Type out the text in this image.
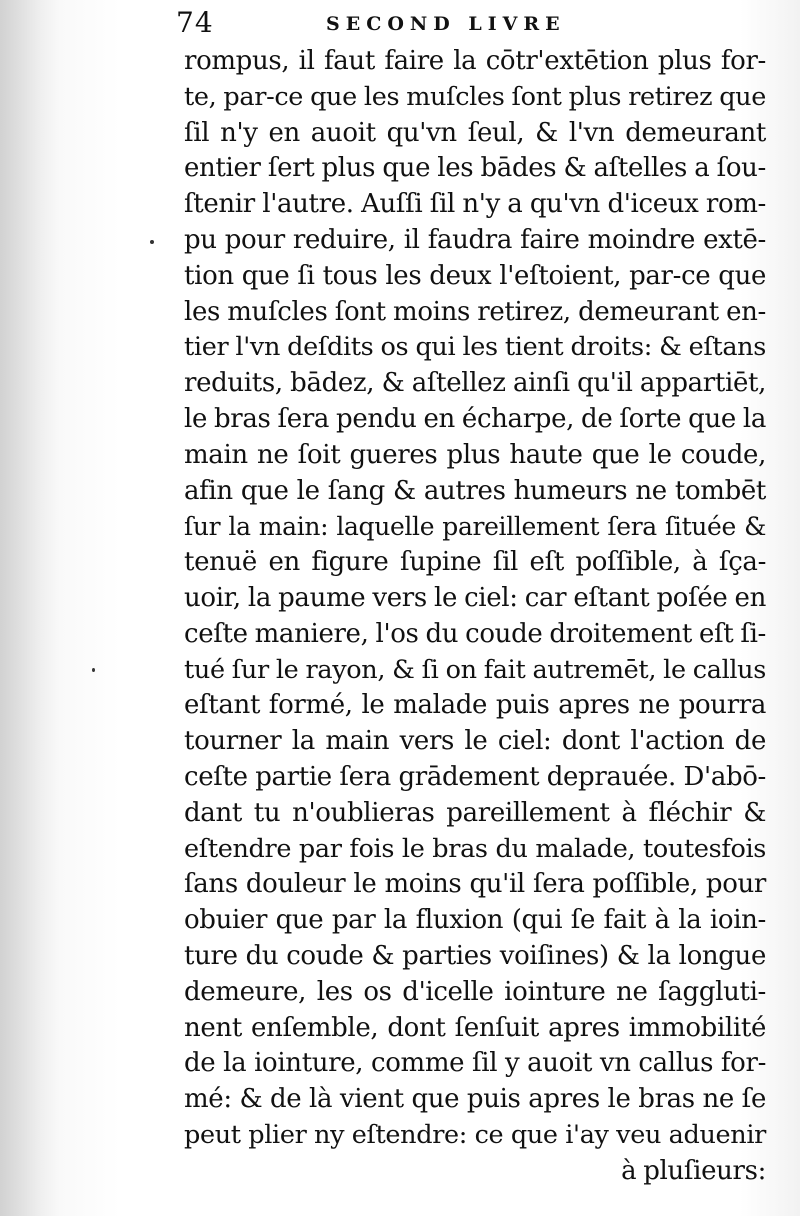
74	SECOND LIVRE
rompus, il faut faire la cōtr'extētion plus for-
te, par-ce que les muſcles ſont plus retirez que
ſil n'y en auoit qu'vn ſeul, & l'vn demeurant
entier ſert plus que les bādes & aſtelles a ſou-
ſtenir l'autre. Auſſi ſil n'y a qu'vn d'iceux rom-
pu pour reduire, il faudra faire moindre extē-
tion que ſi tous les deux l'eſtoient, par-ce que
les muſcles ſont moins retirez, demeurant en-
tier l'vn deſdits os qui les tient droits: & eſtans
reduits, bādez, & aſtellez ainſi qu'il appartiēt,
le bras ſera pendu en écharpe, de ſorte que la
main ne ſoit gueres plus haute que le coude,
afin que le ſang & autres humeurs ne tombēt
ſur la main: laquelle pareillement ſera ſituée &
tenuë en figure ſupine ſil eſt poſſible, à ſça-
uoir, la paume vers le ciel: car eſtant poſée en
ceſte maniere, l'os du coude droitement eſt ſi-
tué ſur le rayon, & ſi on fait autremēt, le callus
eſtant formé, le malade puis apres ne pourra
tourner la main vers le ciel: dont l'action de
ceſte partie ſera grādement deprauée. D'abō-
dant tu n'oublieras pareillement à fléchir &
eſtendre par fois le bras du malade, toutesfois
ſans douleur le moins qu'il ſera poſſible, pour
obuier que par la fluxion (qui ſe fait à la ioin-
ture du coude & parties voiſines) & la longue
demeure, les os d'icelle iointure ne ſaggluti-
nent enſemble, dont ſenſuit apres immobilité
de la iointure, comme ſil y auoit vn callus for-
mé: & de là vient que puis apres le bras ne ſe
peut plier ny eſtendre: ce que i'ay veu aduenir
à pluſieurs:
